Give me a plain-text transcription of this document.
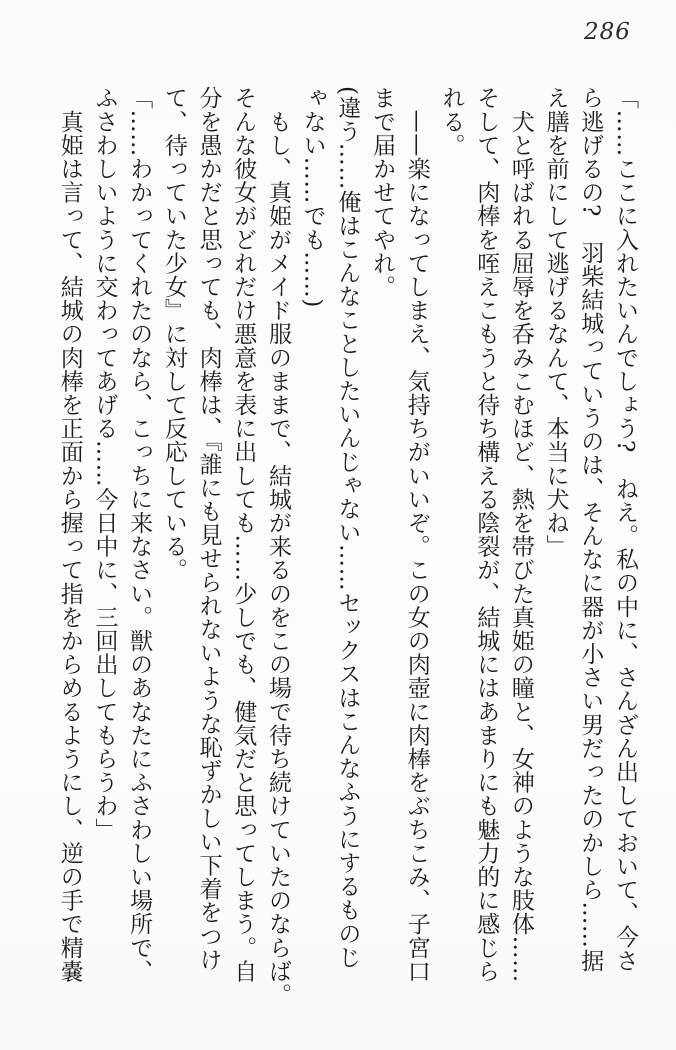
286
「……ここに入れたいんでしょう?　ねえ。私の中に、さんざん出しておいて、今さ
ら逃げるの?　羽柴結城っていうのは、そんなに器が小さい男だったのかしら……据
え膳を前にして逃げるなんて、本当に犬ね」
　犬と呼ばれる屈辱を呑みこむほど、熱を帯びた真姫の瞳と、女神のような肢体……
そして、肉棒を咥えこもうと待ち構える陰裂が、結城にはあまりにも魅力的に感じら
れる。
　——楽になってしまえ、気持ちがいいぞ。この女の肉壺に肉棒をぶちこみ、子宮口
まで届かせてやれ。
(違う……俺はこんなことしたいんじゃない……セックスはこんなふうにするものじ
ゃない……でも……)
　もし、真姫がメイド服のままで、結城が来るのをこの場で待ち続けていたのならば。
そんな彼女がどれだけ悪意を表に出しても……少しでも、健気だと思ってしまう。自
分を愚かだと思っても、肉棒は、『誰にも見せられないような恥ずかしい下着をつけ
て、待っていた少女』に対して反応している。
「……わかってくれたのなら、こっちに来なさい。獣のあなたにふさわしい場所で、
ふさわしいように交わってあげる……今日中に、三回出してもらうわ」
　真姫は言って、結城の肉棒を正面から握って指をからめるようにし、逆の手で精嚢
